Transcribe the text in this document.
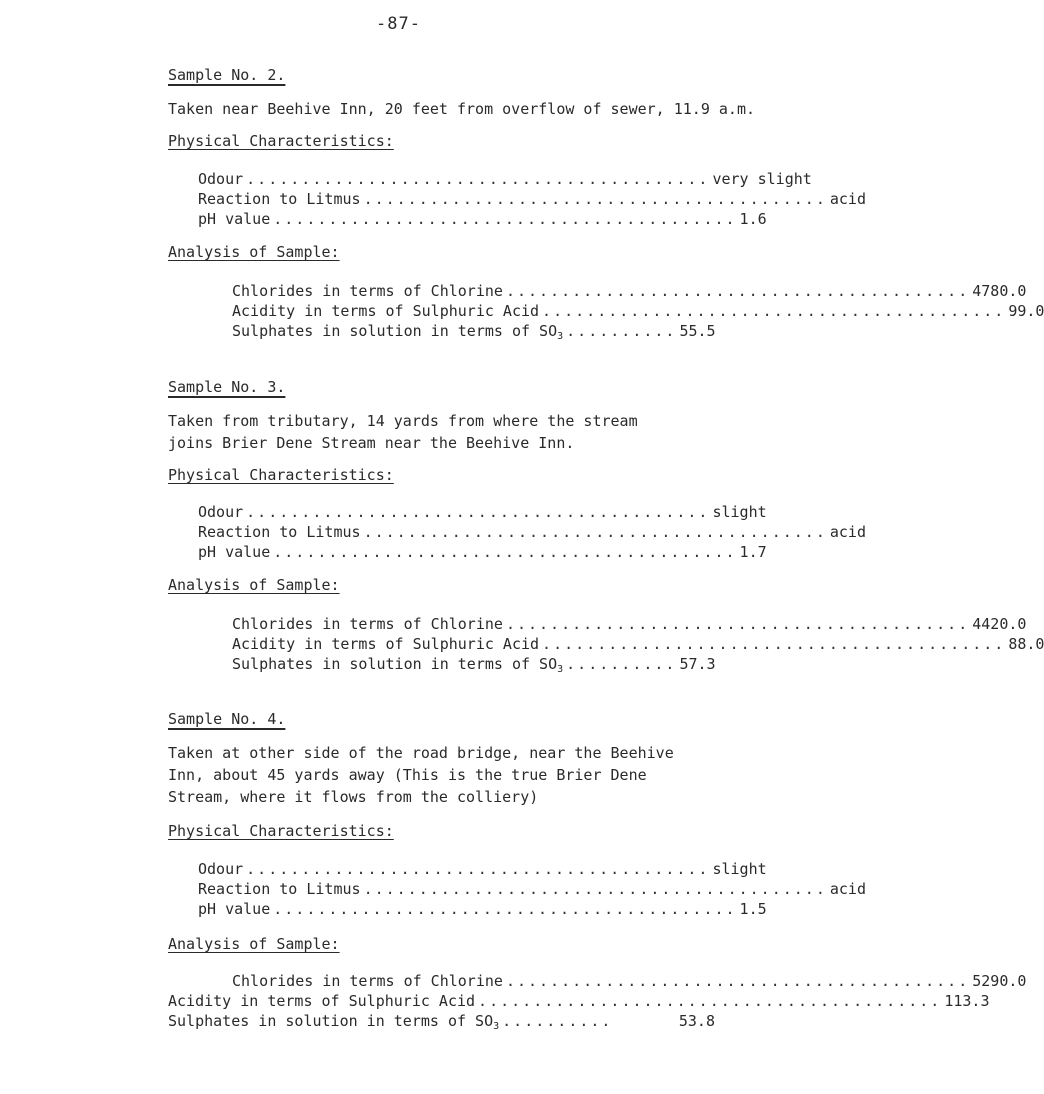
-87-
Sample No. 2.
Taken near Beehive Inn, 20 feet from overflow of sewer, 11.9 a.m.
Physical Characteristics:
Odour .......................................... very slight
Reaction to Litmus .......................................... acid
pH value .......................................... 1.6
Analysis of Sample:
Chlorides in terms of Chlorine .......................................... 4780.0
Acidity in terms of Sulphuric Acid .......................................... 99.0
Sulphates in solution in terms of $SO_3$ .......... 55.5
Sample No. 3.
Taken from tributary, 14 yards from where the stream
joins Brier Dene Stream near the Beehive Inn.
Physical Characteristics:
Odour .......................................... slight
Reaction to Litmus .......................................... acid
pH value .......................................... 1.7
Analysis of Sample:
Chlorides in terms of Chlorine .......................................... 4420.0
Acidity in terms of Sulphuric Acid .......................................... 88.0
Sulphates in solution in terms of $SO_3$ .......... 57.3
Sample No. 4.
Taken at other side of the road bridge, near the Beehive
Inn, about 45 yards away (This is the true Brier Dene
Stream, where it flows from the colliery)
Physical Characteristics:
Odour .......................................... slight
Reaction to Litmus .......................................... acid
pH value .......................................... 1.5
Analysis of Sample:
Chlorides in terms of Chlorine .......................................... 5290.0
Acidity in terms of Sulphuric Acid .......................................... 113.3
Sulphates in solution in terms of $SO_3$ ..........	53.8
